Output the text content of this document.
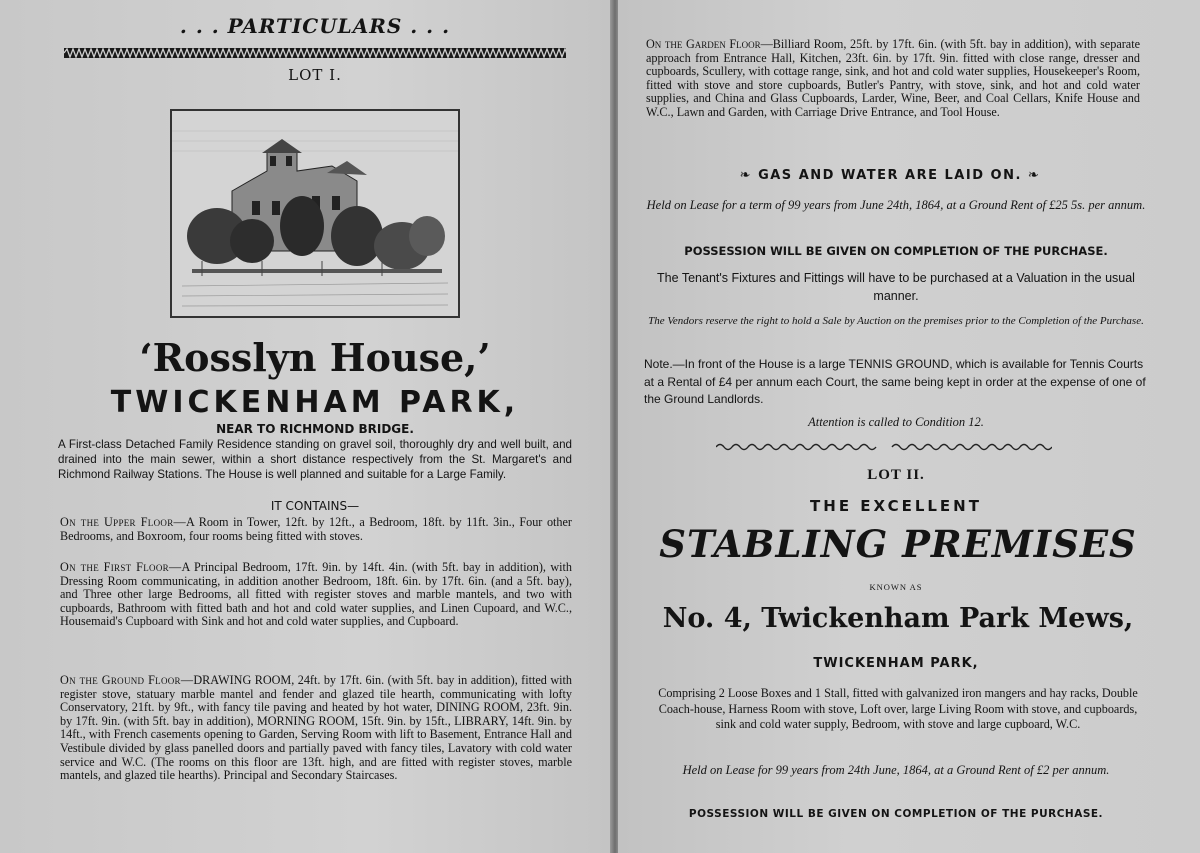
. . . PARTICULARS . . .
LOT I.
‘Rosslyn House,’
TWICKENHAM PARK,
NEAR TO RICHMOND BRIDGE.
A First-class Detached Family Residence standing on gravel soil, thoroughly dry and well built, and drained into the main sewer, within a short distance respectively from the St. Margaret's and Richmond Railway Stations. The House is well planned and suitable for a Large Family.
IT CONTAINS—
On the Upper Floor—A Room in Tower, 12ft. by 12ft., a Bedroom, 18ft. by 11ft. 3in., Four other Bedrooms, and Boxroom, four rooms being fitted with stoves.
On the First Floor—A Principal Bedroom, 17ft. 9in. by 14ft. 4in. (with 5ft. bay in addition), with Dressing Room communicating, in addition another Bedroom, 18ft. 6in. by 17ft. 6in. (and a 5ft. bay), and Three other large Bedrooms, all fitted with register stoves and marble mantels, and two with cupboards, Bathroom with fitted bath and hot and cold water supplies, and Linen Cupoard, and W.C., Housemaid's Cupboard with Sink and hot and cold water supplies, and Cupboard.
On the Ground Floor—DRAWING ROOM, 24ft. by 17ft. 6in. (with 5ft. bay in addition), fitted with register stove, statuary marble mantel and fender and glazed tile hearth, communicating with lofty Conservatory, 21ft. by 9ft., with fancy tile paving and heated by hot water, DINING ROOM, 23ft. 9in. by 17ft. 9in. (with 5ft. bay in addition), MORNING ROOM, 15ft. 9in. by 15ft., LIBRARY, 14ft. 9in. by 14ft., with French casements opening to Garden, Serving Room with lift to Basement, Entrance Hall and Vestibule divided by glass panelled doors and partially paved with fancy tiles, Lavatory with cold water service and W.C. (The rooms on this floor are 13ft. high, and are fitted with register stoves, marble mantels, and glazed tile hearths). Principal and Secondary Staircases.
On the Garden Floor—Billiard Room, 25ft. by 17ft. 6in. (with 5ft. bay in addition), with separate approach from Entrance Hall, Kitchen, 23ft. 6in. by 17ft. 9in. fitted with close range, dresser and cupboards, Scullery, with cottage range, sink, and hot and cold water supplies, Housekeeper's Room, fitted with stove and store cupboards, Butler's Pantry, with stove, sink, and hot and cold water supplies, and China and Glass Cupboards, Larder, Wine, Beer, and Coal Cellars, Knife House and W.C., Lawn and Garden, with Carriage Drive Entrance, and Tool House.
❧ GAS AND WATER ARE LAID ON. ❧
Held on Lease for a term of 99 years from June 24th, 1864, at a Ground Rent of £25 5s. per annum.
POSSESSION WILL BE GIVEN ON COMPLETION OF THE PURCHASE.
The Tenant's Fixtures and Fittings will have to be purchased at a Valuation in the usual manner.
The Vendors reserve the right to hold a Sale by Auction on the premises prior to the Completion of the Purchase.
Note.—In front of the House is a large TENNIS GROUND, which is available for Tennis Courts at a Rental of £4 per annum each Court, the same being kept in order at the expense of one of the Ground Landlords.
Attention is called to Condition 12.
LOT II.
THE EXCELLENT
STABLING PREMISES
KNOWN AS
No. 4, Twickenham Park Mews,
TWICKENHAM PARK,
Comprising 2 Loose Boxes and 1 Stall, fitted with galvanized iron mangers and hay racks, Double Coach-house, Harness Room with stove, Loft over, large Living Room with stove, and cupboards, sink and cold water supply, Bedroom, with stove and large cupboard, W.C.
Held on Lease for 99 years from 24th June, 1864, at a Ground Rent of £2 per annum.
POSSESSION WILL BE GIVEN ON COMPLETION OF THE PURCHASE.
